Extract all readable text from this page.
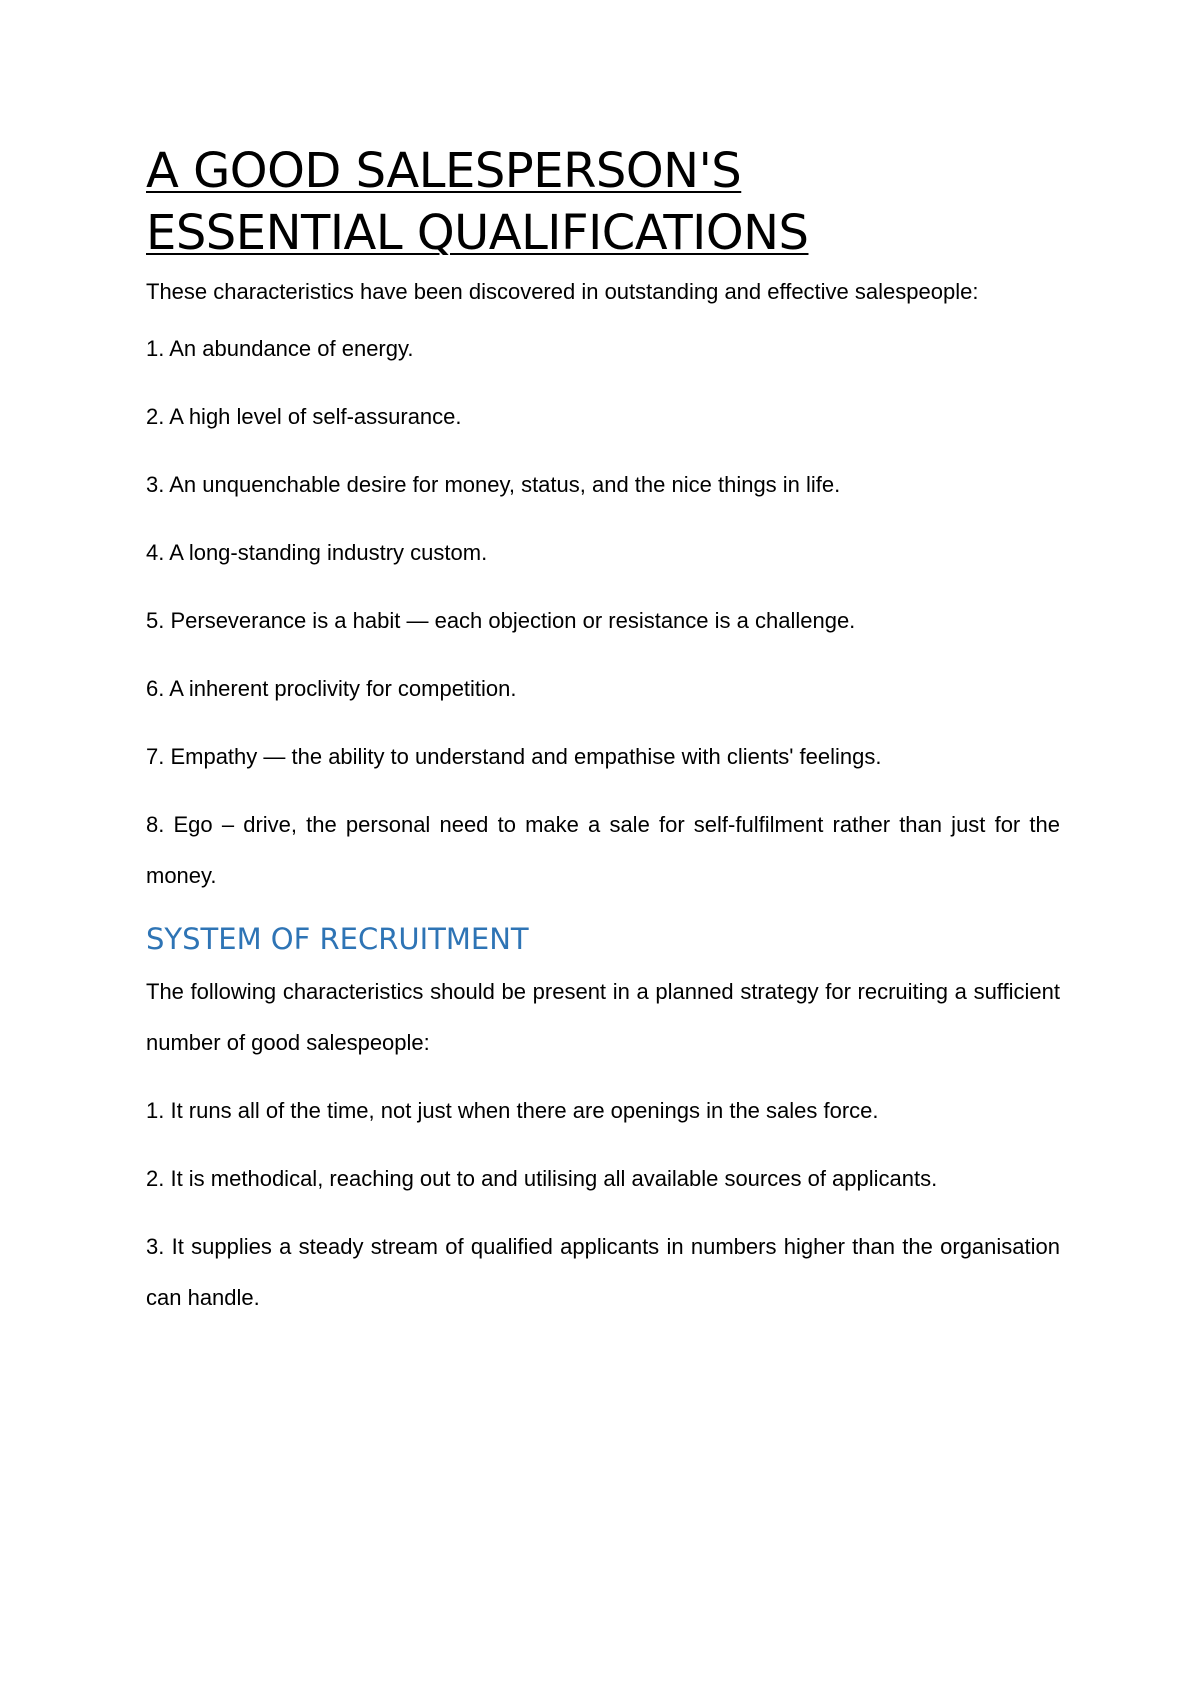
A GOOD SALESPERSON'S
ESSENTIAL QUALIFICATIONS

These characteristics have been discovered in outstanding and effective salespeople:

1. An abundance of energy.

2. A high level of self-assurance.

3. An unquenchable desire for money, status, and the nice things in life.

4. A long-standing industry custom.

5. Perseverance is a habit — each objection or resistance is a challenge.

6. A inherent proclivity for competition.

7. Empathy — the ability to understand and empathise with clients' feelings.

8. Ego – drive, the personal need to make a sale for self-fulfilment rather than just for the money.

SYSTEM OF RECRUITMENT

The following characteristics should be present in a planned strategy for recruiting a sufficient number of good salespeople:

1. It runs all of the time, not just when there are openings in the sales force.

2. It is methodical, reaching out to and utilising all available sources of applicants.

3. It supplies a steady stream of qualified applicants in numbers higher than the organisation can handle.
